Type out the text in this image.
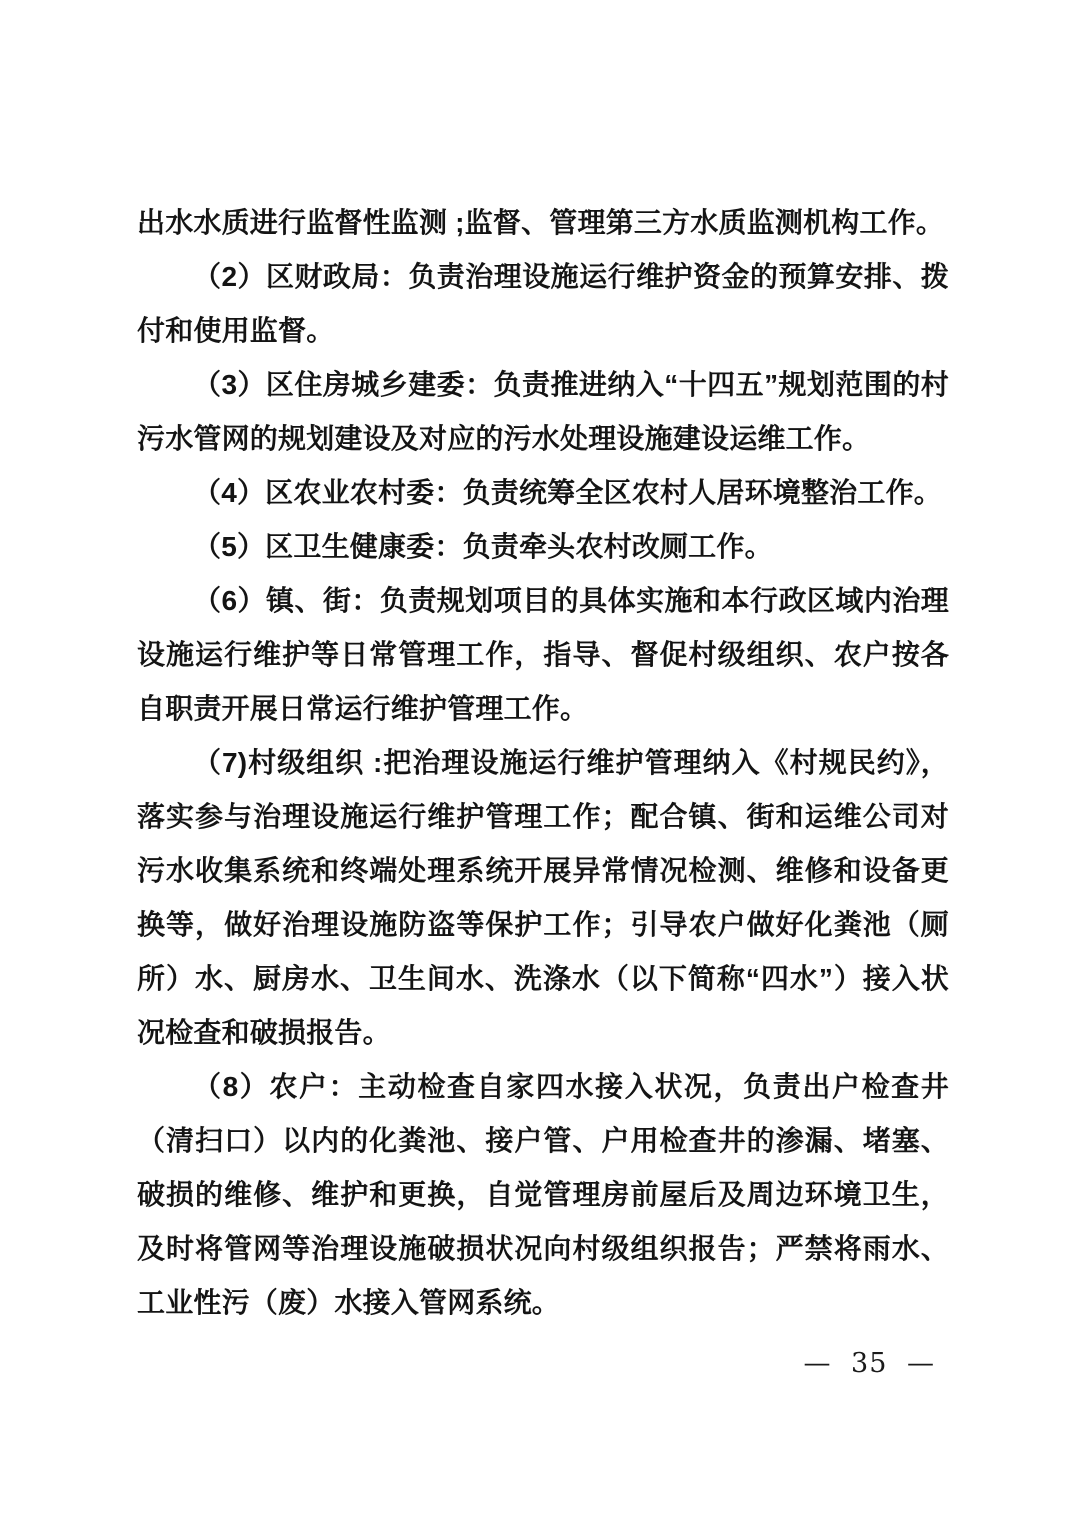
出水水质进行监督性监测 ;监督、管理第三方水质监测机构工作。

（2）区财政局：负责治理设施运行维护资金的预算安排、拨付和使用监督。

（3）区住房城乡建委：负责推进纳入“十四五”规划范围的村污水管网的规划建设及对应的污水处理设施建设运维工作。

（4）区农业农村委：负责统筹全区农村人居环境整治工作。

（5）区卫生健康委：负责牵头农村改厕工作。

（6）镇、街：负责规划项目的具体实施和本行政区域内治理设施运行维护等日常管理工作，指导、督促村级组织、农户按各自职责开展日常运行维护管理工作。

（7)村级组织 :把治理设施运行维护管理纳入《村规民约》，落实参与治理设施运行维护管理工作；配合镇、街和运维公司对污水收集系统和终端处理系统开展异常情况检测、维修和设备更换等，做好治理设施防盗等保护工作；引导农户做好化粪池（厕所）水、厨房水、卫生间水、洗涤水（以下简称“四水”）接入状况检查和破损报告。

（8）农户：主动检查自家四水接入状况，负责出户检查井（清扫口）以内的化粪池、接户管、户用检查井的渗漏、堵塞、破损的维修、维护和更换，自觉管理房前屋后及周边环境卫生，及时将管网等治理设施破损状况向村级组织报告；严禁将雨水、工业性污（废）水接入管网系统。

— 35 —
